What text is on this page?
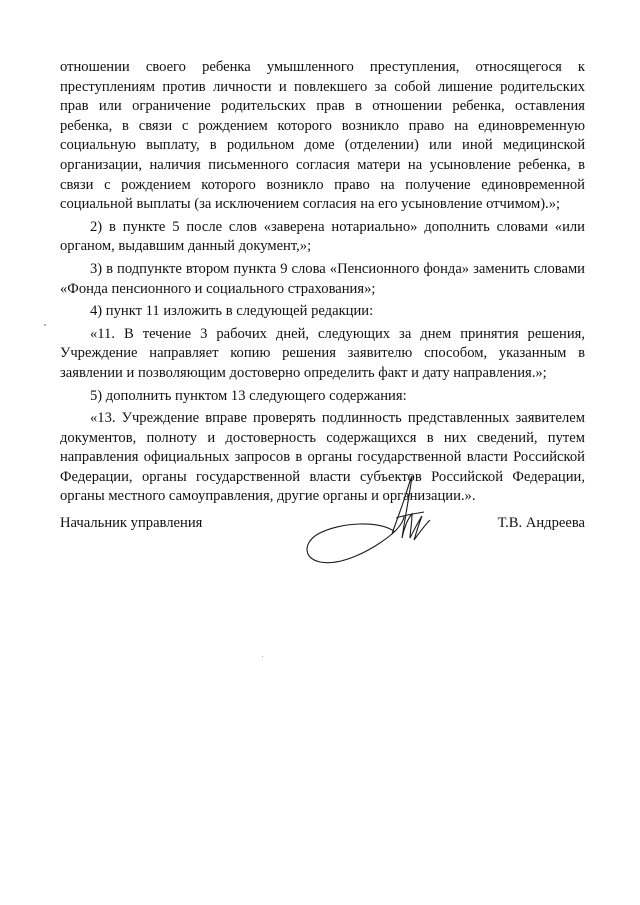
отношении своего ребенка умышленного преступления, относящегося к преступлениям против личности и повлекшего за собой лишение родительских прав или ограничение родительских прав в отношении ребенка, оставления ребенка, в связи с рождением которого возникло право на единовременную социальную выплату, в родильном доме (отделении) или иной медицинской организации, наличия письменного согласия матери на усыновление ребенка, в связи с рождением которого возникло право на получение единовременной социальной выплаты (за исключением согласия на его усыновление отчимом).»;

2) в пункте 5 после слов «заверена нотариально» дополнить словами «или органом, выдавшим данный документ,»;

3) в подпункте втором пункта 9 слова «Пенсионного фонда» заменить словами «Фонда пенсионного и социального страхования»;

4) пункт 11 изложить в следующей редакции:

«11. В течение 3 рабочих дней, следующих за днем принятия решения, Учреждение направляет копию решения заявителю способом, указанным в заявлении и позволяющим достоверно определить факт и дату направления.»;

5) дополнить пунктом 13 следующего содержания:

«13. Учреждение вправе проверять подлинность представленных заявителем документов, полноту и достоверность содержащихся в них сведений, путем направления официальных запросов в органы государственной власти Российской Федерации, органы государственной власти субъектов Российской Федерации, органы местного самоуправления, другие органы и организации.».

Начальник управления	Т.В. Андреева
